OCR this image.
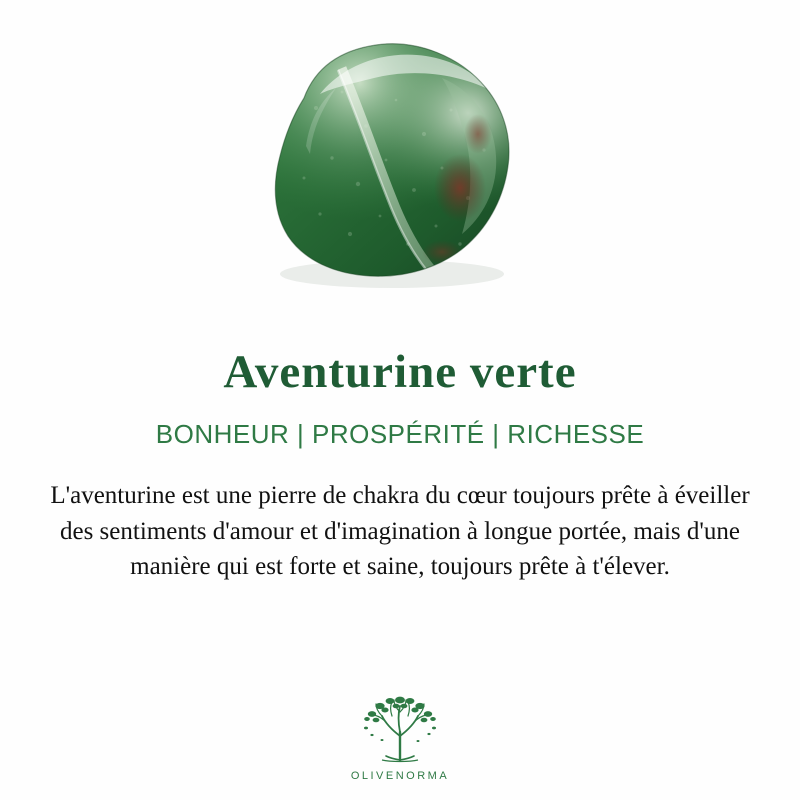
Aventurine verte
BONHEUR | PROSPÉRITÉ | RICHESSE
L'aventurine est une pierre de chakra du cœur toujours prête à éveiller des sentiments d'amour et d'imagination à longue portée, mais d'une manière qui est forte et saine, toujours prête à t'élever.
OLIVENORMA
